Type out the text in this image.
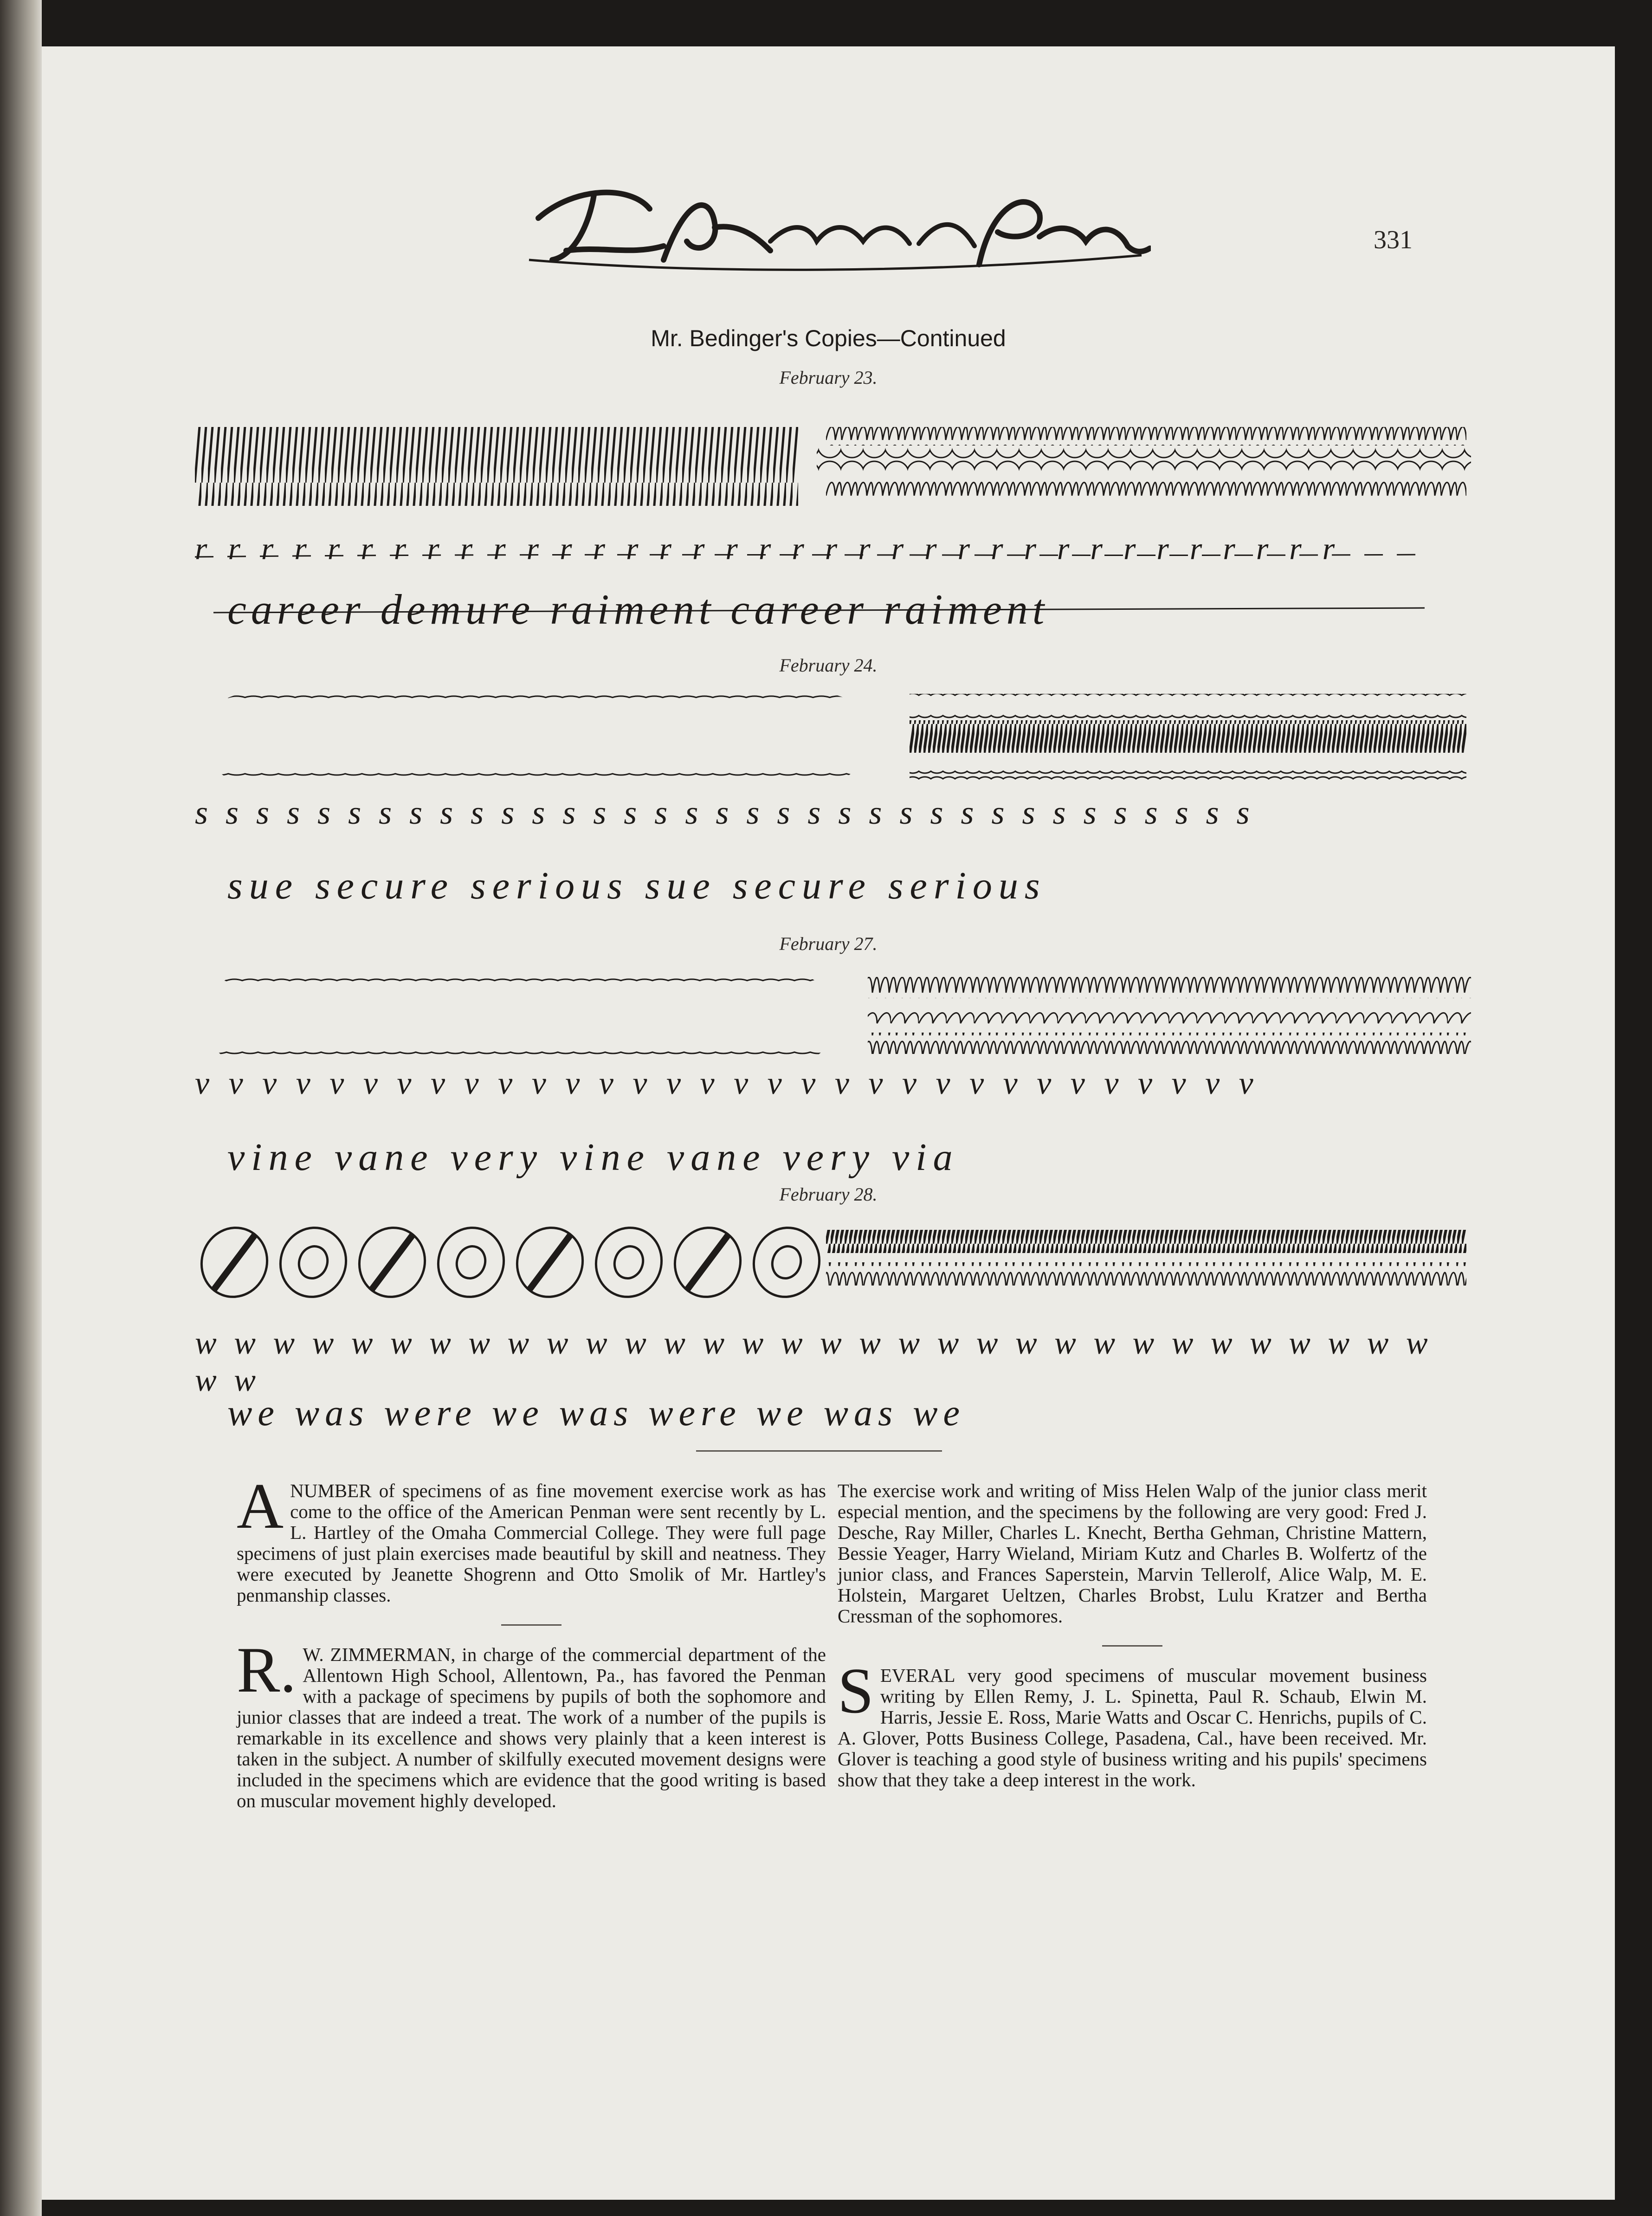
331
Mr. Bedinger's Copies—Continued
February 23.
r r r r r r r r r r r r r r r r r r r r r r r r r r r r r r r r r r r
career demure raiment career raiment
February 24.
s s s s s s s s s s s s s s s s s s s s s s s s s s s s s s s s s s s
sue secure serious sue secure serious
February 27.
v v v v v v v v v v v v v v v v v v v v v v v v v v v v v v v v
vine vane very vine vane very via
February 28.
w w w w w w w w w w w w w w w w w w w w w w w w w w w w w w w w w w
we was were we was were we was we

A NUMBER of specimens of as fine movement exercise work as has come to the office of the American Penman were sent recently by L. L. Hartley of the Omaha Commercial College. They were full page specimens of just plain exercises made beautiful by skill and neatness. They were executed by Jeanette Shogrenn and Otto Smolik of Mr. Hartley's penmanship classes.

R. W. ZIMMERMAN, in charge of the commercial department of the Allentown High School, Allentown, Pa., has favored the Penman with a package of specimens by pupils of both the sophomore and junior classes that are indeed a treat. The work of a number of the pupils is remarkable in its excellence and shows very plainly that a keen interest is taken in the subject. A number of skilfully executed movement designs were included in the specimens which are evidence that the good writing is based on muscular movement highly developed.

The exercise work and writing of Miss Helen Walp of the junior class merit especial mention, and the specimens by the following are very good: Fred J. Desche, Ray Miller, Charles L. Knecht, Bertha Gehman, Christine Mattern, Bessie Yeager, Harry Wieland, Miriam Kutz and Charles B. Wolfertz of the junior class, and Frances Saperstein, Marvin Tellerolf, Alice Walp, M. E. Holstein, Margaret Ueltzen, Charles Brobst, Lulu Kratzer and Bertha Cressman of the sophomores.

S EVERAL very good specimens of muscular movement business writing by Ellen Remy, J. L. Spinetta, Paul R. Schaub, Elwin M. Harris, Jessie E. Ross, Marie Watts and Oscar C. Henrichs, pupils of C. A. Glover, Potts Business College, Pasadena, Cal., have been received. Mr. Glover is teaching a good style of business writing and his pupils' specimens show that they take a deep interest in the work.
